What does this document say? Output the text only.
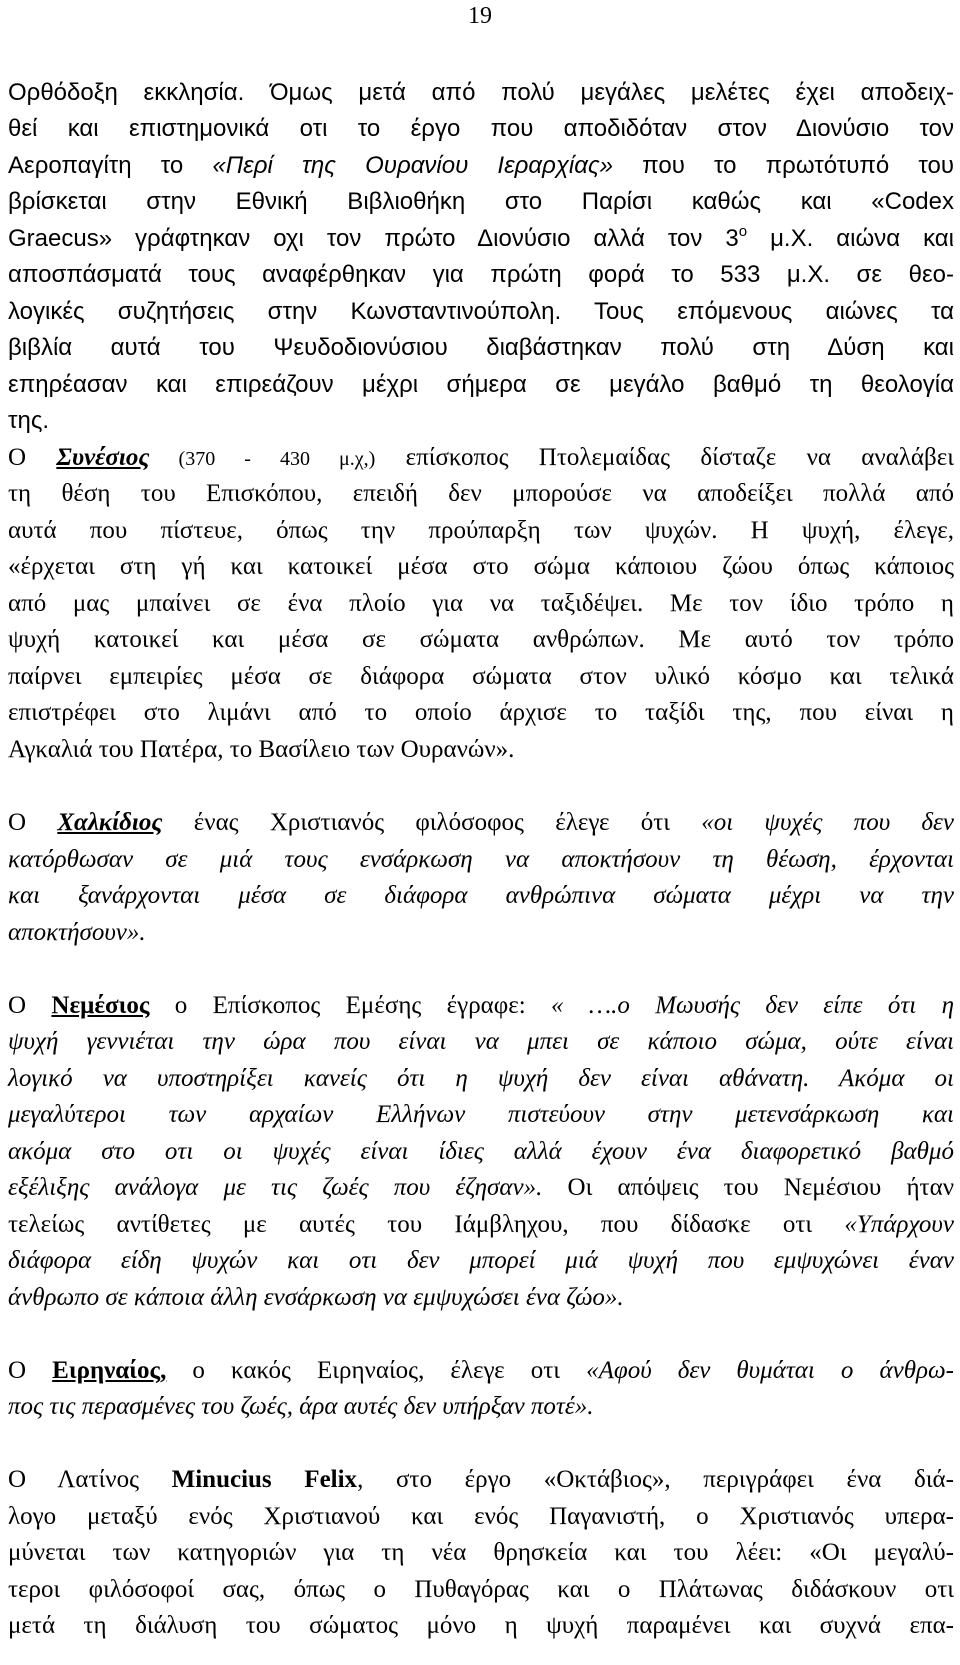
19
Ορθόδοξη εκκλησία. Όμως μετά από πολύ μεγάλες μελέτες έχει αποδειχ-
θεί και επιστημονικά οτι το έργο που αποδιδόταν στον Διονύσιο τον
Αεροπαγίτη το «Περί της Ουρανίου Ιεραρχίας» που το πρωτότυπό του
βρίσκεται στην Εθνική Βιβλιοθήκη στο Παρίσι καθώς και «Codex
Graecus» γράφτηκαν οχι τον πρώτο Διονύσιο αλλά τον $3^o$ μ.Χ. αιώνα και
αποσπάσματά τους αναφέρθηκαν για πρώτη φορά το 533 μ.Χ. σε θεο-
λογικές συζητήσεις στην Κωνσταντινούπολη. Τους επόμενους αιώνες τα
βιβλία αυτά του Ψευδοδιονύσιου διαβάστηκαν πολύ στη Δύση και
επηρέασαν και επιρεάζουν μέχρι σήμερα σε μεγάλο βαθμό τη θεολογία
της.
Ο Συνέσιος (370 - 430 μ.χ,) επίσκοπος Πτολεμαίδας δίσταζε να αναλάβει
τη θέση του Επισκόπου, επειδή δεν μπορούσε να αποδείξει πολλά από
αυτά που πίστευε, όπως την πρoύπαρξη των ψυχών. Η ψυχή, έλεγε,
«έρχεται στη γή και κατοικεί μέσα στο σώμα κάποιου ζώου όπως κάποιος
από μας μπαίνει σε ένα πλοίο για να ταξιδέψει. Με τον ίδιο τρόπο η
ψυχή κατοικεί και μέσα σε σώματα ανθρώπων. Με αυτό τον τρόπο
παίρνει εμπειρίες μέσα σε διάφορα σώματα στον υλικό κόσμο και τελικά
επιστρέφει στο λιμάνι από το οποίο άρχισε το ταξίδι της, που είναι η
Αγκαλιά του Πατέρα, το Βασίλειο των Ουρανών».
Ο Χαλκίδιος ένας Χριστιανός φιλόσοφος έλεγε ότι «οι ψυχές που δεν
κατόρθωσαν σε μιά τους ενσάρκωση να αποκτήσουν τη θέωση, έρχονται
και ξανάρχονται μέσα σε διάφορα ανθρώπινα σώματα μέχρι να την
αποκτήσουν».
Ο Νεμέσιος ο Επίσκοπος Εμέσης έγραφε: « ….ο Μωυσής δεν είπε ότι η
ψυχή γεννιέται την ώρα που είναι να μπει σε κάποιο σώμα, ούτε είναι
λογικό να υποστηρίξει κανείς ότι η ψυχή δεν είναι αθάνατη. Ακόμα οι
μεγαλύτεροι των αρχαίων Ελλήνων πιστεύουν στην μετενσάρκωση και
ακόμα στο οτι οι ψυχές είναι ίδιες αλλά έχουν ένα διαφορετικό βαθμό
εξέλιξης ανάλογα με τις ζωές που έζησαν». Οι απόψεις του Νεμέσιου ήταν
τελείως αντίθετες με αυτές του Ιάμβληχου, που δίδασκε οτι «Υπάρχουν
διάφορα είδη ψυχών και οτι δεν μπορεί μιά ψυχή που εμψυχώνει έναν
άνθρωπο σε κάποια άλλη ενσάρκωση να εμψυχώσει ένα ζώο».
Ο Ειρηναίος, ο κακός Ειρηναίος, έλεγε οτι «Αφού δεν θυμάται ο άνθρω-
πος τις περασμένες του ζωές, άρα αυτές δεν υπήρξαν ποτέ».
Ο Λατίνος Minucius Felix, στο έργο «Οκτάβιος», περιγράφει ένα διά-
λογο μεταξύ ενός Χριστιανού και ενός Παγανιστή, ο Χριστιανός υπερα-
μύνεται των κατηγοριών για τη νέα θρησκεία και του λέει: «Οι μεγαλύ-
τεροι φιλόσοφοί σας, όπως ο Πυθαγόρας και ο Πλάτωνας διδάσκουν οτι
μετά τη διάλυση του σώματος μόνο η ψυχή παραμένει και συχνά επα-
